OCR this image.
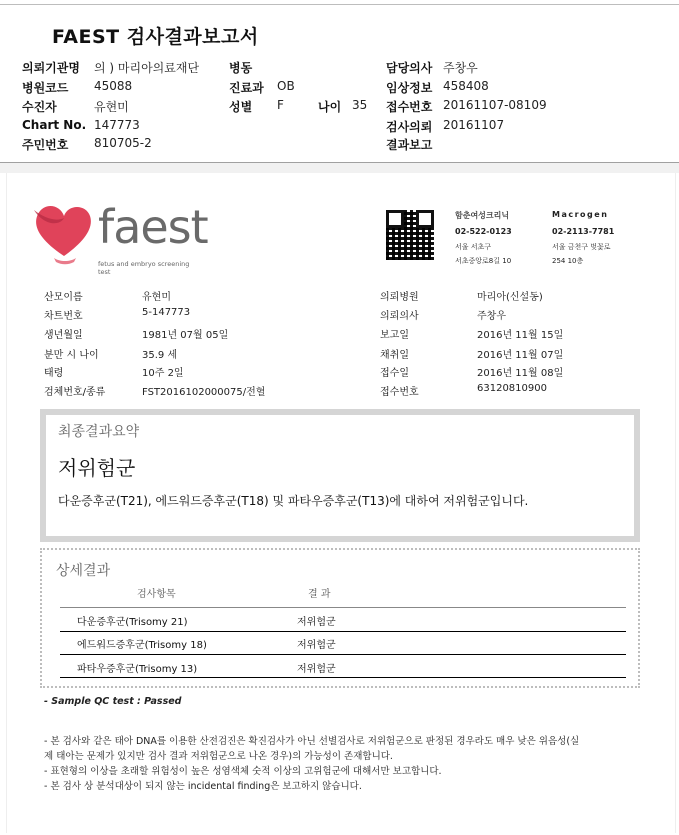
FAEST 검사결과보고서
의뢰기관명 의 ) 마리아의료재단 병동	담당의사 주창우
병원코드 45088	진료과 OB	임상정보 458408
수진자	유현미	성별 F	나이 35 접수번호 20161107-08109
Chart No. 147773	검사의뢰 20161107
주민번호 810705-2	결과보고
faest
fetus and embryo screening test
함춘여성크리닉
02-522-0123
서울 서초구
서초중앙로8길 10
Macrogen
02-2113-7781
서울 금천구 벚꽃로
254 10층
산모이름	유현미
차트번호	5-147773
생년월일	1981년 07월 05일
분만 시 나이	35.9 세
태령	10주 2일
검체번호/종류	FST2016102000075/전혈
의뢰병원	마리아(신설동)
의뢰의사	주창우
보고일	2016년 11월 15일
채취일	2016년 11월 07일
접수일	2016년 11월 08일
접수번호	63120810900
최종결과요약
저위험군
다운증후군(T21), 에드워드증후군(T18) 및 파타우증후군(T13)에 대하여 저위험군입니다.
상세결과
검사항목	결 과
다운증후군(Trisomy 21)	저위험군
에드워드증후군(Trisomy 18)	저위험군
파타우증후군(Trisomy 13)	저위험군
- Sample QC test : Passed
- 본 검사와 같은 태아 DNA를 이용한 산전검진은 확진검사가 아닌 선별검사로 저위험군으로 판정된 경우라도 매우 낮은 위음성(실
제 태아는 문제가 있지만 검사 결과 저위험군으로 나온 경우)의 가능성이 존재합니다.
- 표현형의 이상을 초래할 위험성이 높은 성염색체 숫적 이상의 고위험군에 대해서만 보고합니다.
- 본 검사 상 분석대상이 되지 않는 incidental finding은 보고하지 않습니다.
